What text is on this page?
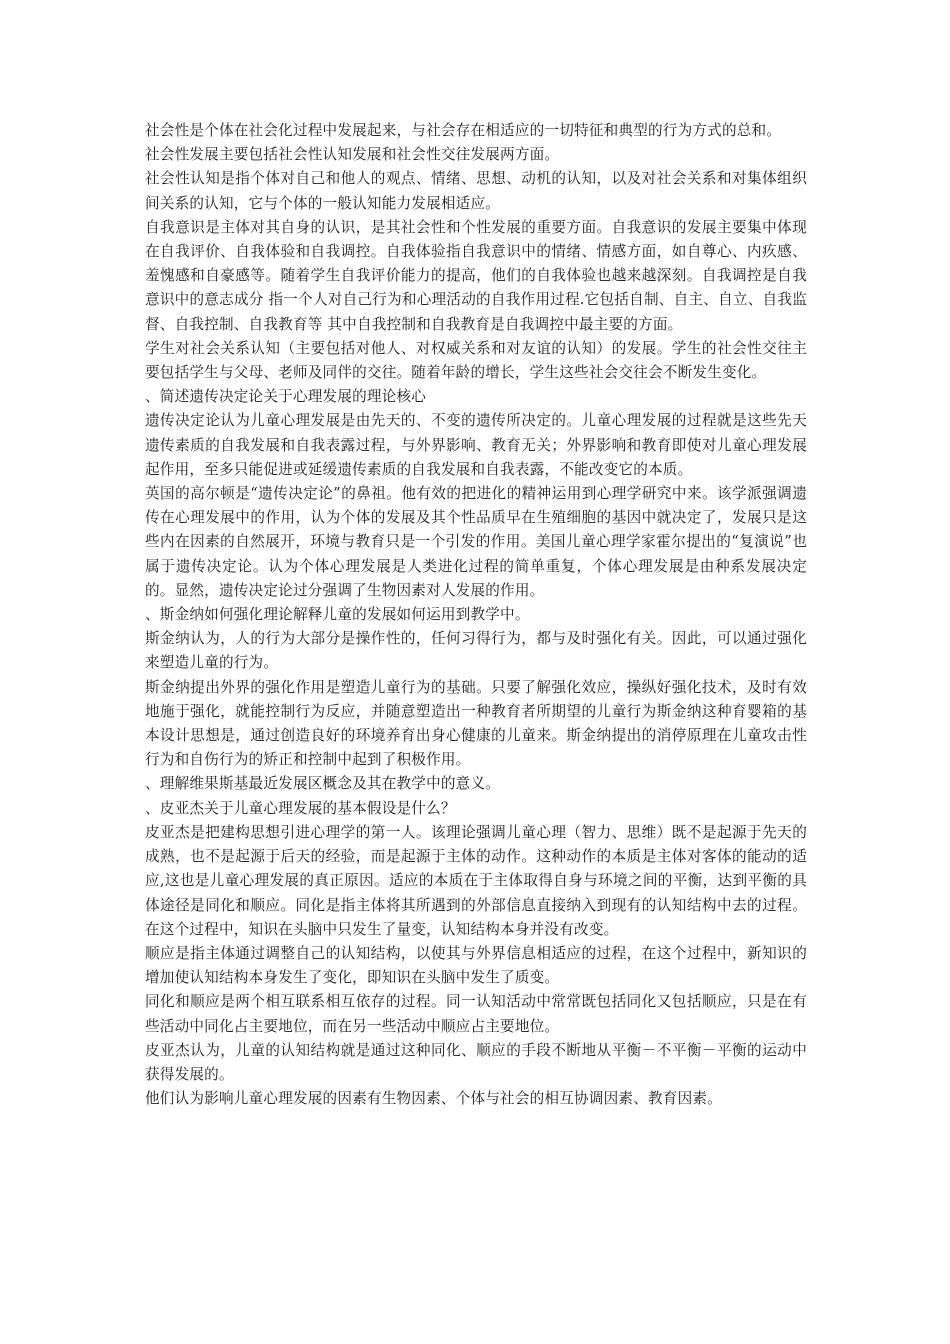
社会性是个体在社会化过程中发展起来，与社会存在相适应的一切特征和典型的行为方式的总和。

社会性发展主要包括社会性认知发展和社会性交往发展两方面。

社会性认知是指个体对自己和他人的观点、情绪、思想、动机的认知，以及对社会关系和对集体组织间关系的认知，它与个体的一般认知能力发展相适应。

自我意识是主体对其自身的认识，是其社会性和个性发展的重要方面。自我意识的发展主要集中体现在自我评价、自我体验和自我调控。自我体验指自我意识中的情绪、情感方面，如自尊心、内疚感、羞愧感和自豪感等。随着学生自我评价能力的提高，他们的自我体验也越来越深刻。自我调控是自我意识中的意志成分 指一个人对自己行为和心理活动的自我作用过程.它包括自制、自主、自立、自我监督、自我控制、自我教育等 其中自我控制和自我教育是自我调控中最主要的方面。

学生对社会关系认知（主要包括对他人、对权威关系和对友谊的认知）的发展。学生的社会性交往主要包括学生与父母、老师及同伴的交往。随着年龄的增长，学生这些社会交往会不断发生变化。

、简述遗传决定论关于心理发展的理论核心

遗传决定论认为儿童心理发展是由先天的、不变的遗传所决定的。儿童心理发展的过程就是这些先天遗传素质的自我发展和自我表露过程，与外界影响、教育无关；外界影响和教育即使对儿童心理发展起作用，至多只能促进或延缓遗传素质的自我发展和自我表露，不能改变它的本质。

英国的高尔顿是“遗传决定论”的鼻祖。他有效的把进化的精神运用到心理学研究中来。该学派强调遗传在心理发展中的作用，认为个体的发展及其个性品质早在生殖细胞的基因中就决定了，发展只是这些内在因素的自然展开，环境与教育只是一个引发的作用。美国儿童心理学家霍尔提出的“复演说”也属于遗传决定论。认为个体心理发展是人类进化过程的简单重复，个体心理发展是由种系发展决定的。显然，遗传决定论过分强调了生物因素对人发展的作用。

、斯金纳如何强化理论解释儿童的发展如何运用到教学中。

斯金纳认为，人的行为大部分是操作性的，任何习得行为，都与及时强化有关。因此，可以通过强化来塑造儿童的行为。

斯金纳提出外界的强化作用是塑造儿童行为的基础。只要了解强化效应，操纵好强化技术，及时有效地施于强化，就能控制行为反应，并随意塑造出一种教育者所期望的儿童行为斯金纳这种育婴箱的基本设计思想是，通过创造良好的环境养育出身心健康的儿童来。斯金纳提出的消停原理在儿童攻击性行为和自伤行为的矫正和控制中起到了积极作用。

、理解维果斯基最近发展区概念及其在教学中的意义。

、皮亚杰关于儿童心理发展的基本假设是什么？

皮亚杰是把建构思想引进心理学的第一人。该理论强调儿童心理（智力、思维）既不是起源于先天的成熟，也不是起源于后天的经验，而是起源于主体的动作。这种动作的本质是主体对客体的能动的适应,这也是儿童心理发展的真正原因。适应的本质在于主体取得自身与环境之间的平衡，达到平衡的具体途径是同化和顺应。同化是指主体将其所遇到的外部信息直接纳入到现有的认知结构中去的过程。在这个过程中，知识在头脑中只发生了量变，认知结构本身并没有改变。

顺应是指主体通过调整自己的认知结构，以使其与外界信息相适应的过程，在这个过程中，新知识的增加使认知结构本身发生了变化，即知识在头脑中发生了质变。

同化和顺应是两个相互联系相互依存的过程。同一认知活动中常常既包括同化又包括顺应，只是在有些活动中同化占主要地位，而在另一些活动中顺应占主要地位。

皮亚杰认为，儿童的认知结构就是通过这种同化、顺应的手段不断地从平衡－不平衡－平衡的运动中获得发展的。

他们认为影响儿童心理发展的因素有生物因素、个体与社会的相互协调因素、教育因素。
